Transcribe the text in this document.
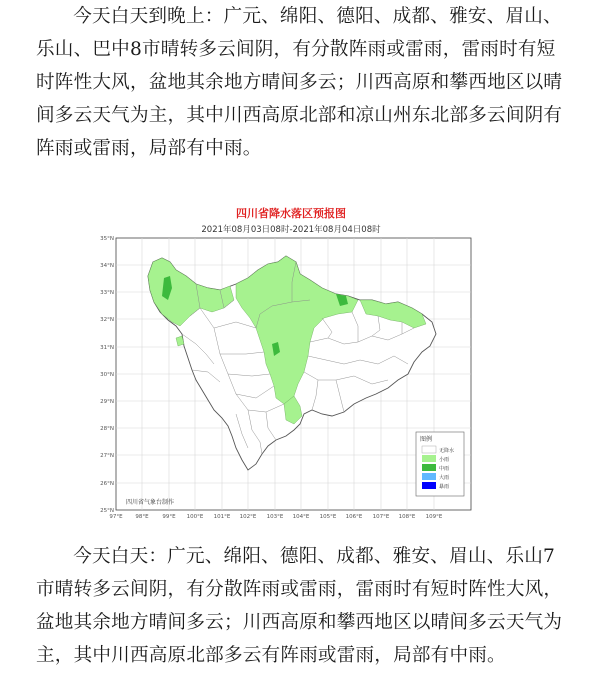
今天白天到晚上：广元、绵阳、德阳、成都、雅安、眉山、乐山、巴中8市晴转多云间阴，有分散阵雨或雷雨，雷雨时有短时阵性大风，盆地其余地方晴间多云；川西高原和攀西地区以晴间多云天气为主，其中川西高原北部和凉山州东北部多云间阴有阵雨或雷雨，局部有中雨。

四川省降水落区预报图
2021年08月03日08时-2021年08月04日08时
35°N
34°N
33°N
32°N
31°N
30°N
29°N
28°N
27°N
26°N
25°N
97°E 98°E	99°E 100°E 101°E 102°E 103°E 104°E 105°E 106°E 107°E 108°E 109°E
四川省气象台制作
图例
无降水
小雨
中雨
大雨
暴雨

今天白天：广元、绵阳、德阳、成都、雅安、眉山、乐山7市晴转多云间阴，有分散阵雨或雷雨，雷雨时有短时阵性大风，盆地其余地方晴间多云；川西高原和攀西地区以晴间多云天气为主，其中川西高原北部多云有阵雨或雷雨，局部有中雨。
